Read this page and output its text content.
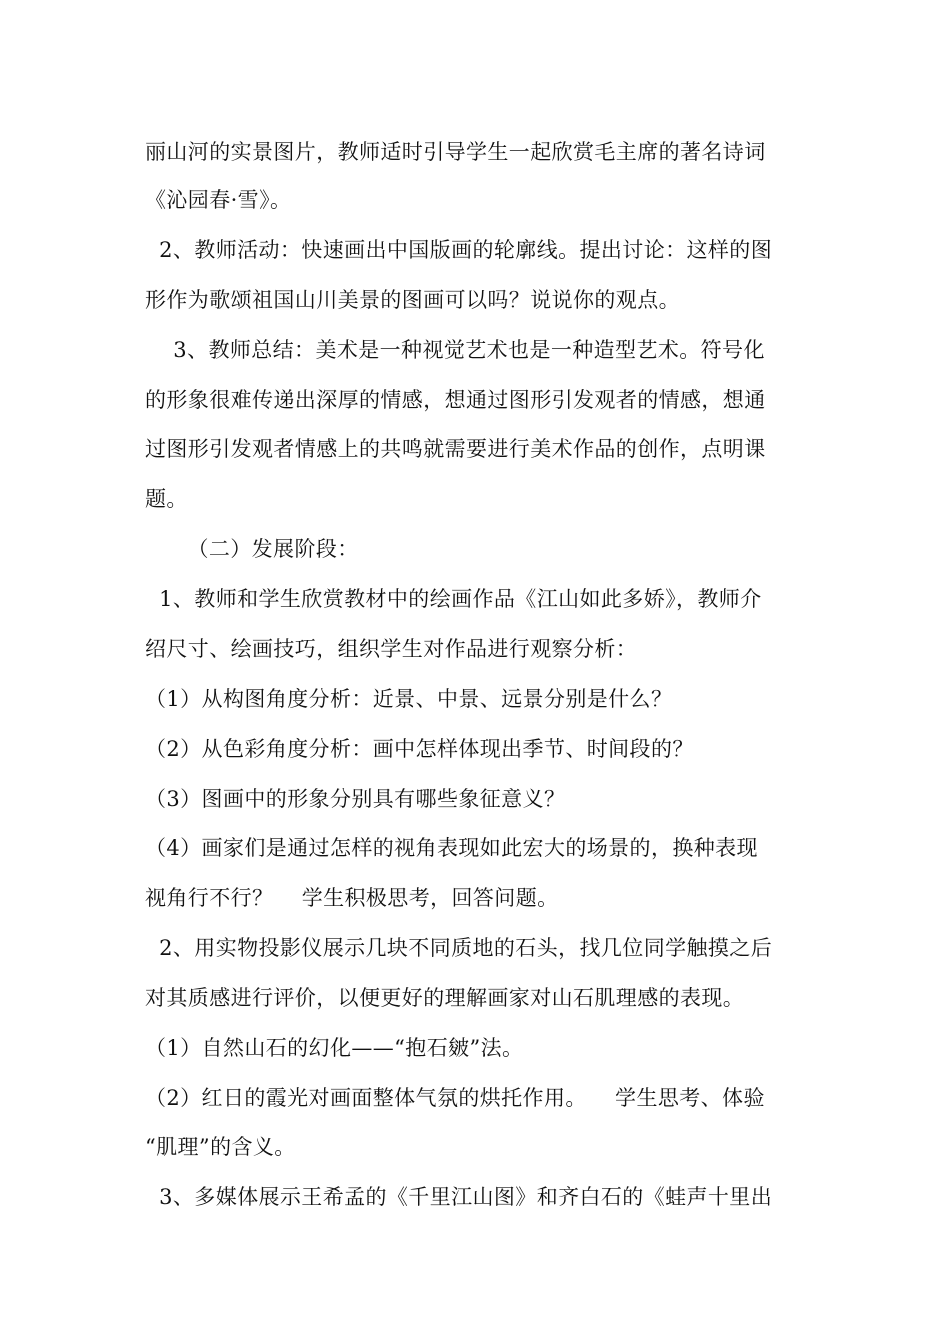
丽山河的实景图片，教师适时引导学生一起欣赏毛主席的著名诗词
《沁园春·雪》。
2、教师活动：快速画出中国版画的轮廓线。提出讨论：这样的图
形作为歌颂祖国山川美景的图画可以吗？说说你的观点。
3、教师总结：美术是一种视觉艺术也是一种造型艺术。符号化
的形象很难传递出深厚的情感，想通过图形引发观者的情感，想通
过图形引发观者情感上的共鸣就需要进行美术作品的创作，点明课
题。
（二）发展阶段：
1、教师和学生欣赏教材中的绘画作品《江山如此多娇》，教师介
绍尺寸、绘画技巧，组织学生对作品进行观察分析：
（1）从构图角度分析：近景、中景、远景分别是什么？
（2）从色彩角度分析：画中怎样体现出季节、时间段的？
（3）图画中的形象分别具有哪些象征意义？
（4）画家们是通过怎样的视角表现如此宏大的场景的，换种表现
视角行不行？    学生积极思考，回答问题。
2、用实物投影仪展示几块不同质地的石头，找几位同学触摸之后
对其质感进行评价，以便更好的理解画家对山石肌理感的表现。
（1）自然山石的幻化——“抱石皴”法。
（2）红日的霞光对画面整体气氛的烘托作用。    学生思考、体验
“肌理”的含义。
3、多媒体展示王希孟的《千里江山图》和齐白石的《蛙声十里出
